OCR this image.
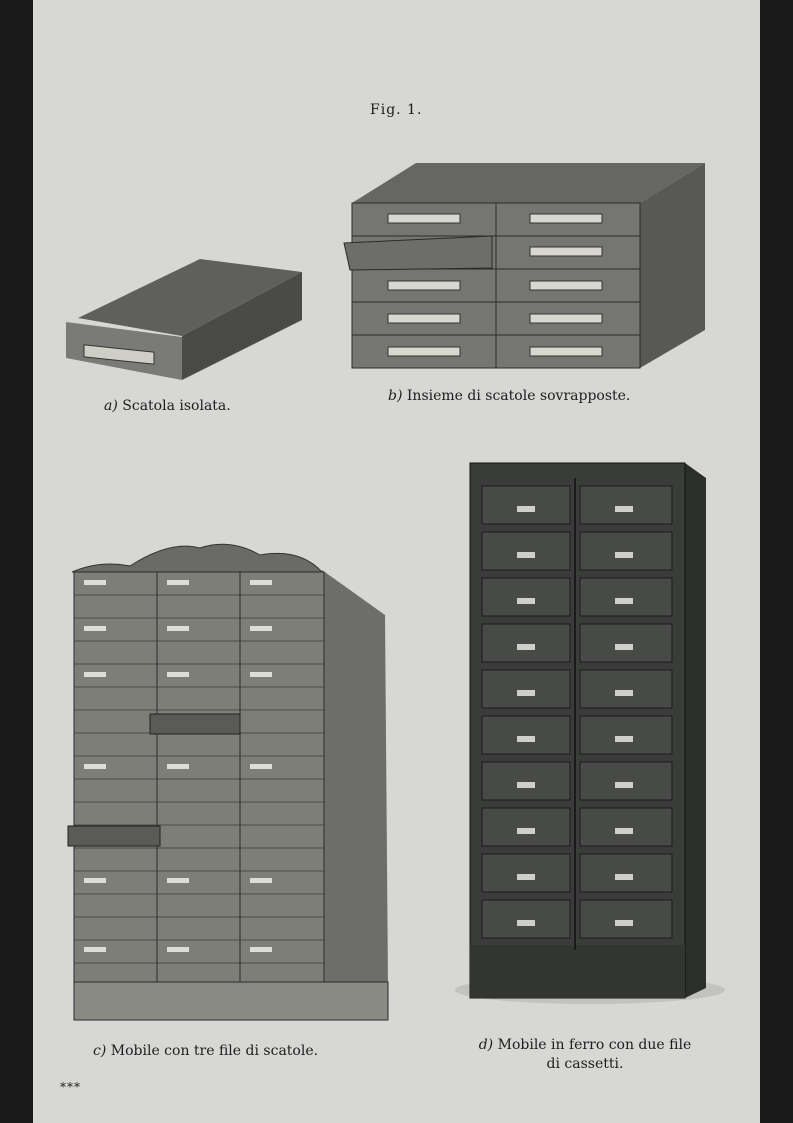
Fig. 1.
a) Scatola isolata.
b) Insieme di scatole sovrapposte.
c) Mobile con tre file di scatole.	d) Mobile in ferro con due file
di cassetti.
***
